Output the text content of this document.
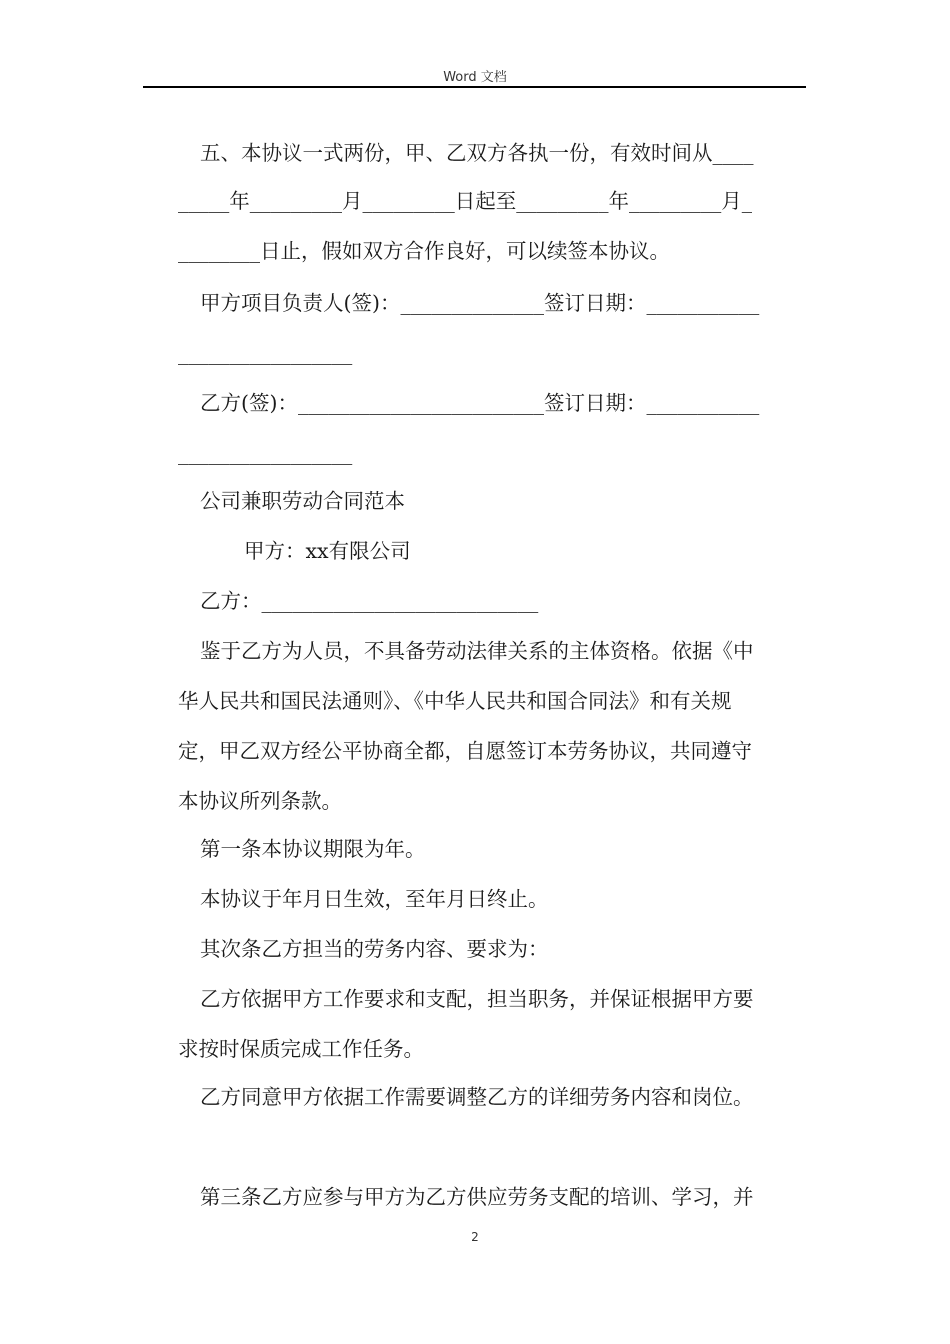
Word 文档
五、本协议一式两份，甲、乙双方各执一份，有效时间从____
_____年_________月_________日起至_________年_________月_
________日止，假如双方合作良好，可以续签本协议。
甲方项目负责人(签)：______________签订日期：___________
_________________
乙方(签)：________________________签订日期：___________
_________________
公司兼职劳动合同范本
甲方：xx有限公司
乙方：___________________________
鉴于乙方为人员，不具备劳动法律关系的主体资格。依据《中
华人民共和国民法通则》、《中华人民共和国合同法》和有关规
定，甲乙双方经公平协商全都，自愿签订本劳务协议，共同遵守
本协议所列条款。
第一条本协议期限为年。
本协议于年月日生效，至年月日终止。
其次条乙方担当的劳务内容、要求为：
乙方依据甲方工作要求和支配，担当职务，并保证根据甲方要
求按时保质完成工作任务。
乙方同意甲方依据工作需要调整乙方的详细劳务内容和岗位。
第三条乙方应参与甲方为乙方供应劳务支配的培训、学习，并
2
